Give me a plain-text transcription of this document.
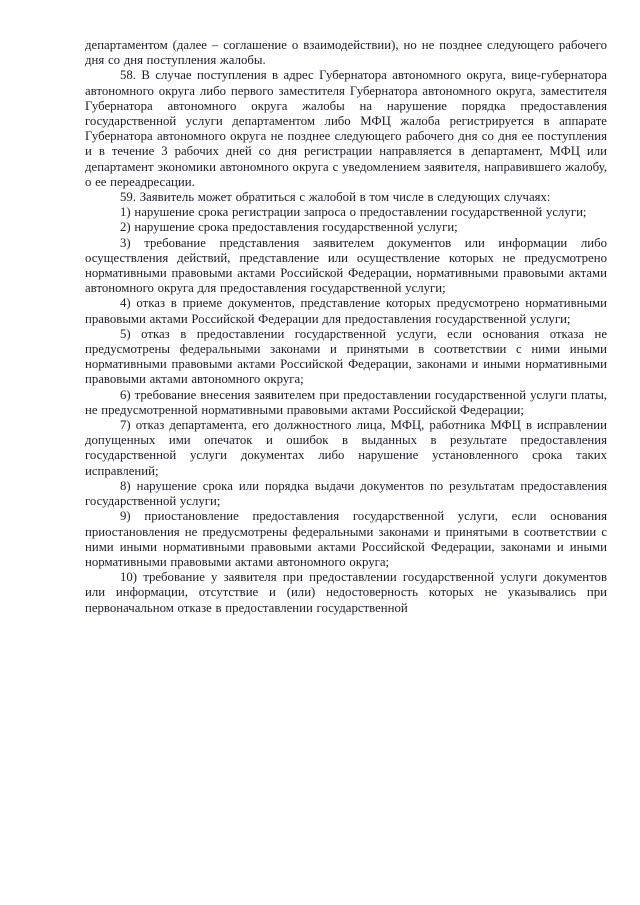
департаментом (далее – соглашение о взаимодействии), но не позднее следующего рабочего дня со дня поступления жалобы.

58. В случае поступления в адрес Губернатора автономного округа, вице-губернатора автономного округа либо первого заместителя Губернатора автономного округа, заместителя Губернатора автономного округа жалобы на нарушение порядка предоставления государственной услуги департаментом либо МФЦ жалоба регистрируется в аппарате Губернатора автономного округа не позднее следующего рабочего дня со дня ее поступления и в течение 3 рабочих дней со дня регистрации направляется в департамент, МФЦ или департамент экономики автономного округа с уведомлением заявителя, направившего жалобу, о ее переадресации.

59. Заявитель может обратиться с жалобой в том числе в следующих случаях:

1) нарушение срока регистрации запроса о предоставлении государственной услуги;

2) нарушение срока предоставления государственной услуги;

3) требование представления заявителем документов или информации либо осуществления действий, представление или осуществление которых не предусмотрено нормативными правовыми актами Российской Федерации, нормативными правовыми актами автономного округа для предоставления государственной услуги;

4) отказ в приеме документов, представление которых предусмотрено нормативными правовыми актами Российской Федерации для предоставления государственной услуги;

5) отказ в предоставлении государственной услуги, если основания отказа не предусмотрены федеральными законами и принятыми в соответствии с ними иными нормативными правовыми актами Российской Федерации, законами и иными нормативными правовыми актами автономного округа;

6) требование внесения заявителем при предоставлении государственной услуги платы, не предусмотренной нормативными правовыми актами Российской Федерации;

7) отказ департамента, его должностного лица, МФЦ, работника МФЦ в исправлении допущенных ими опечаток и ошибок в выданных в результате предоставления государственной услуги документах либо нарушение установленного срока таких исправлений;

8) нарушение срока или порядка выдачи документов по результатам предоставления государственной услуги;

9) приостановление предоставления государственной услуги, если основания приостановления не предусмотрены федеральными законами и принятыми в соответствии с ними иными нормативными правовыми актами Российской Федерации, законами и иными нормативными правовыми актами автономного округа;

10) требование у заявителя при предоставлении государственной услуги документов или информации, отсутствие и (или) недостоверность которых не указывались при первоначальном отказе в предоставлении государственной
